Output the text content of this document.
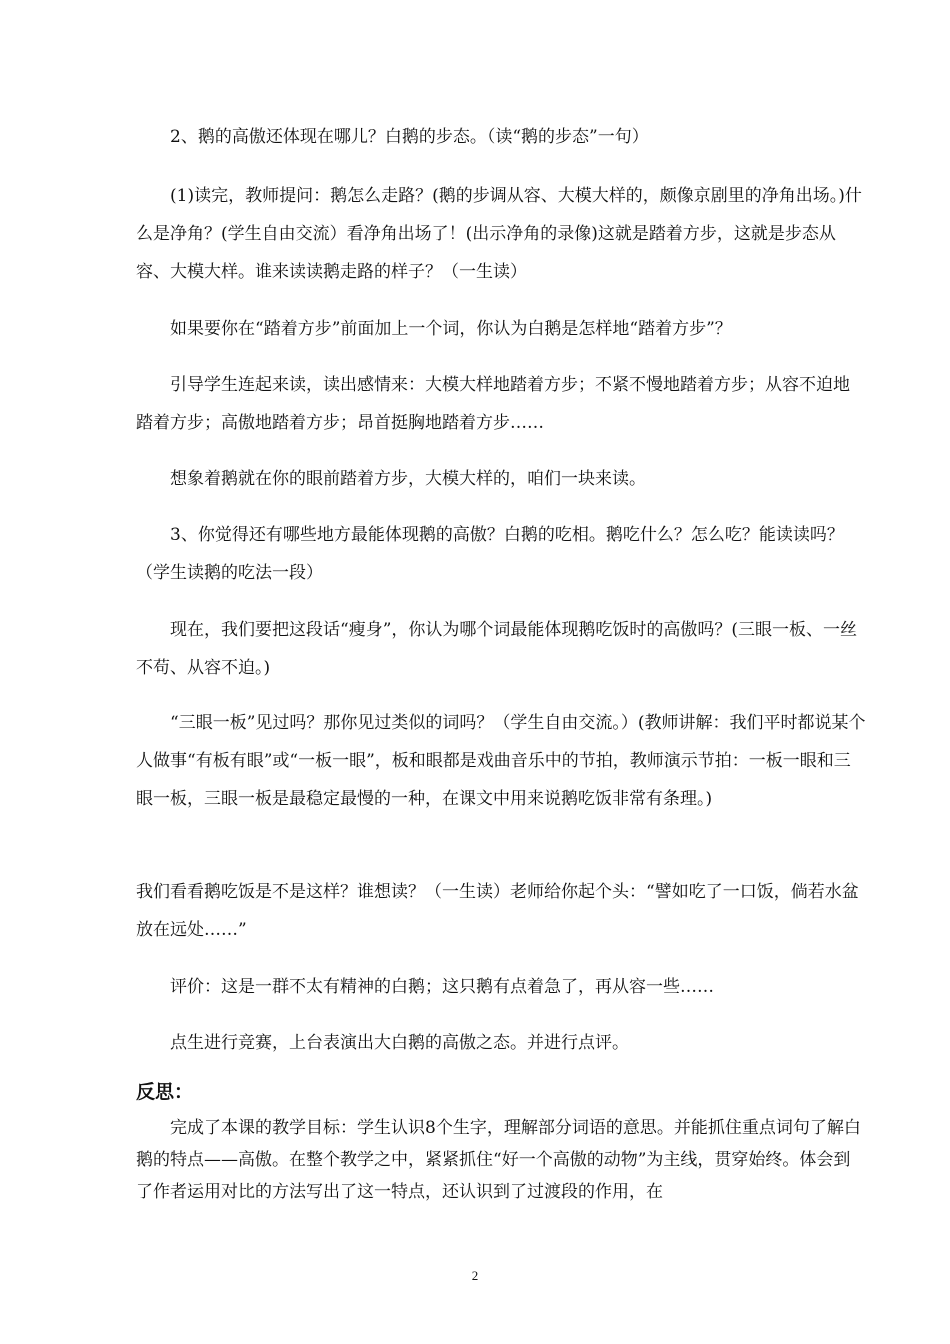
2、鹅的高傲还体现在哪儿？白鹅的步态。（读“鹅的步态”一句）

(1)读完，教师提问：鹅怎么走路？(鹅的步调从容、大模大样的，颇像京剧里的净角出场。)什么是净角？(学生自由交流）看净角出场了！(出示净角的录像)这就是踏着方步，这就是步态从容、大模大样。谁来读读鹅走路的样子？（一生读）

如果要你在“踏着方步”前面加上一个词，你认为白鹅是怎样地“踏着方步”？

引导学生连起来读，读出感情来：大模大样地踏着方步；不紧不慢地踏着方步；从容不迫地踏着方步；高傲地踏着方步；昂首挺胸地踏着方步……

想象着鹅就在你的眼前踏着方步，大模大样的，咱们一块来读。

3、你觉得还有哪些地方最能体现鹅的高傲？白鹅的吃相。鹅吃什么？怎么吃？能读读吗？（学生读鹅的吃法一段）

现在，我们要把这段话“瘦身”，你认为哪个词最能体现鹅吃饭时的高傲吗？(三眼一板、一丝不苟、从容不迫。)

“三眼一板”见过吗？那你见过类似的词吗？（学生自由交流。）(教师讲解：我们平时都说某个人做事“有板有眼”或“一板一眼”，板和眼都是戏曲音乐中的节拍，教师演示节拍：一板一眼和三眼一板，三眼一板是最稳定最慢的一种，在课文中用来说鹅吃饭非常有条理。)

我们看看鹅吃饭是不是这样？谁想读？（一生读）老师给你起个头：“譬如吃了一口饭，倘若水盆放在远处……”

评价：这是一群不太有精神的白鹅；这只鹅有点着急了，再从容一些……

点生进行竞赛，上台表演出大白鹅的高傲之态。并进行点评。

反思：

完成了本课的教学目标：学生认识8个生字，理解部分词语的意思。并能抓住重点词句了解白鹅的特点——高傲。在整个教学之中，紧紧抓住“好一个高傲的动物”为主线，贯穿始终。体会到了作者运用对比的方法写出了这一特点，还认识到了过渡段的作用，在

2
